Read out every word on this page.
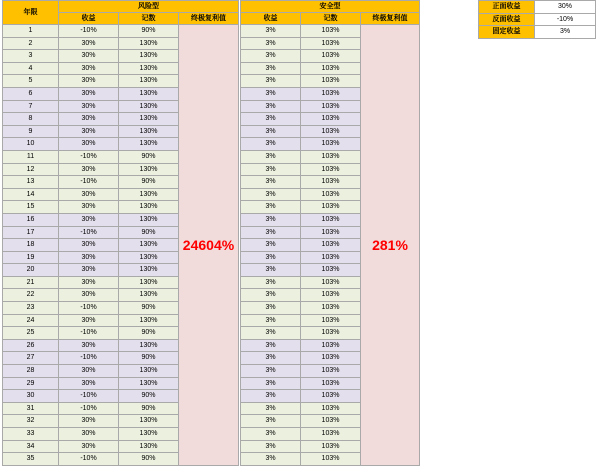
年限	风险型				安全型		
	收益	记数	终极复利值		收益	记数	终极复利值
1	-10%	90%	24604%		3%	103%	281%
2	30%	130%			3%	103%	
3	30%	130%			3%	103%	
4	30%	130%			3%	103%	
5	30%	130%			3%	103%	
6	30%	130%			3%	103%	
7	30%	130%			3%	103%	
8	30%	130%			3%	103%	
9	30%	130%			3%	103%	
10	30%	130%			3%	103%	
11	-10%	90%			3%	103%	
12	30%	130%			3%	103%	
13	-10%	90%			3%	103%	
14	30%	130%			3%	103%	
15	30%	130%			3%	103%	
16	30%	130%			3%	103%	
17	-10%	90%			3%	103%	
18	30%	130%			3%	103%	
19	30%	130%			3%	103%	
20	30%	130%			3%	103%	
21	30%	130%			3%	103%	
22	30%	130%			3%	103%	
23	-10%	90%			3%	103%	
24	30%	130%			3%	103%	
25	-10%	90%			3%	103%	
26	30%	130%			3%	103%	
27	-10%	90%			3%	103%	
28	30%	130%			3%	103%	
29	30%	130%			3%	103%	
30	-10%	90%			3%	103%	
31	-10%	90%			3%	103%	
32	30%	130%			3%	103%	
33	30%	130%			3%	103%	
34	30%	130%			3%	103%	
35	-10%	90%			3%	103%	
正面收益	30%
反面收益	-10%
固定收益	3%
